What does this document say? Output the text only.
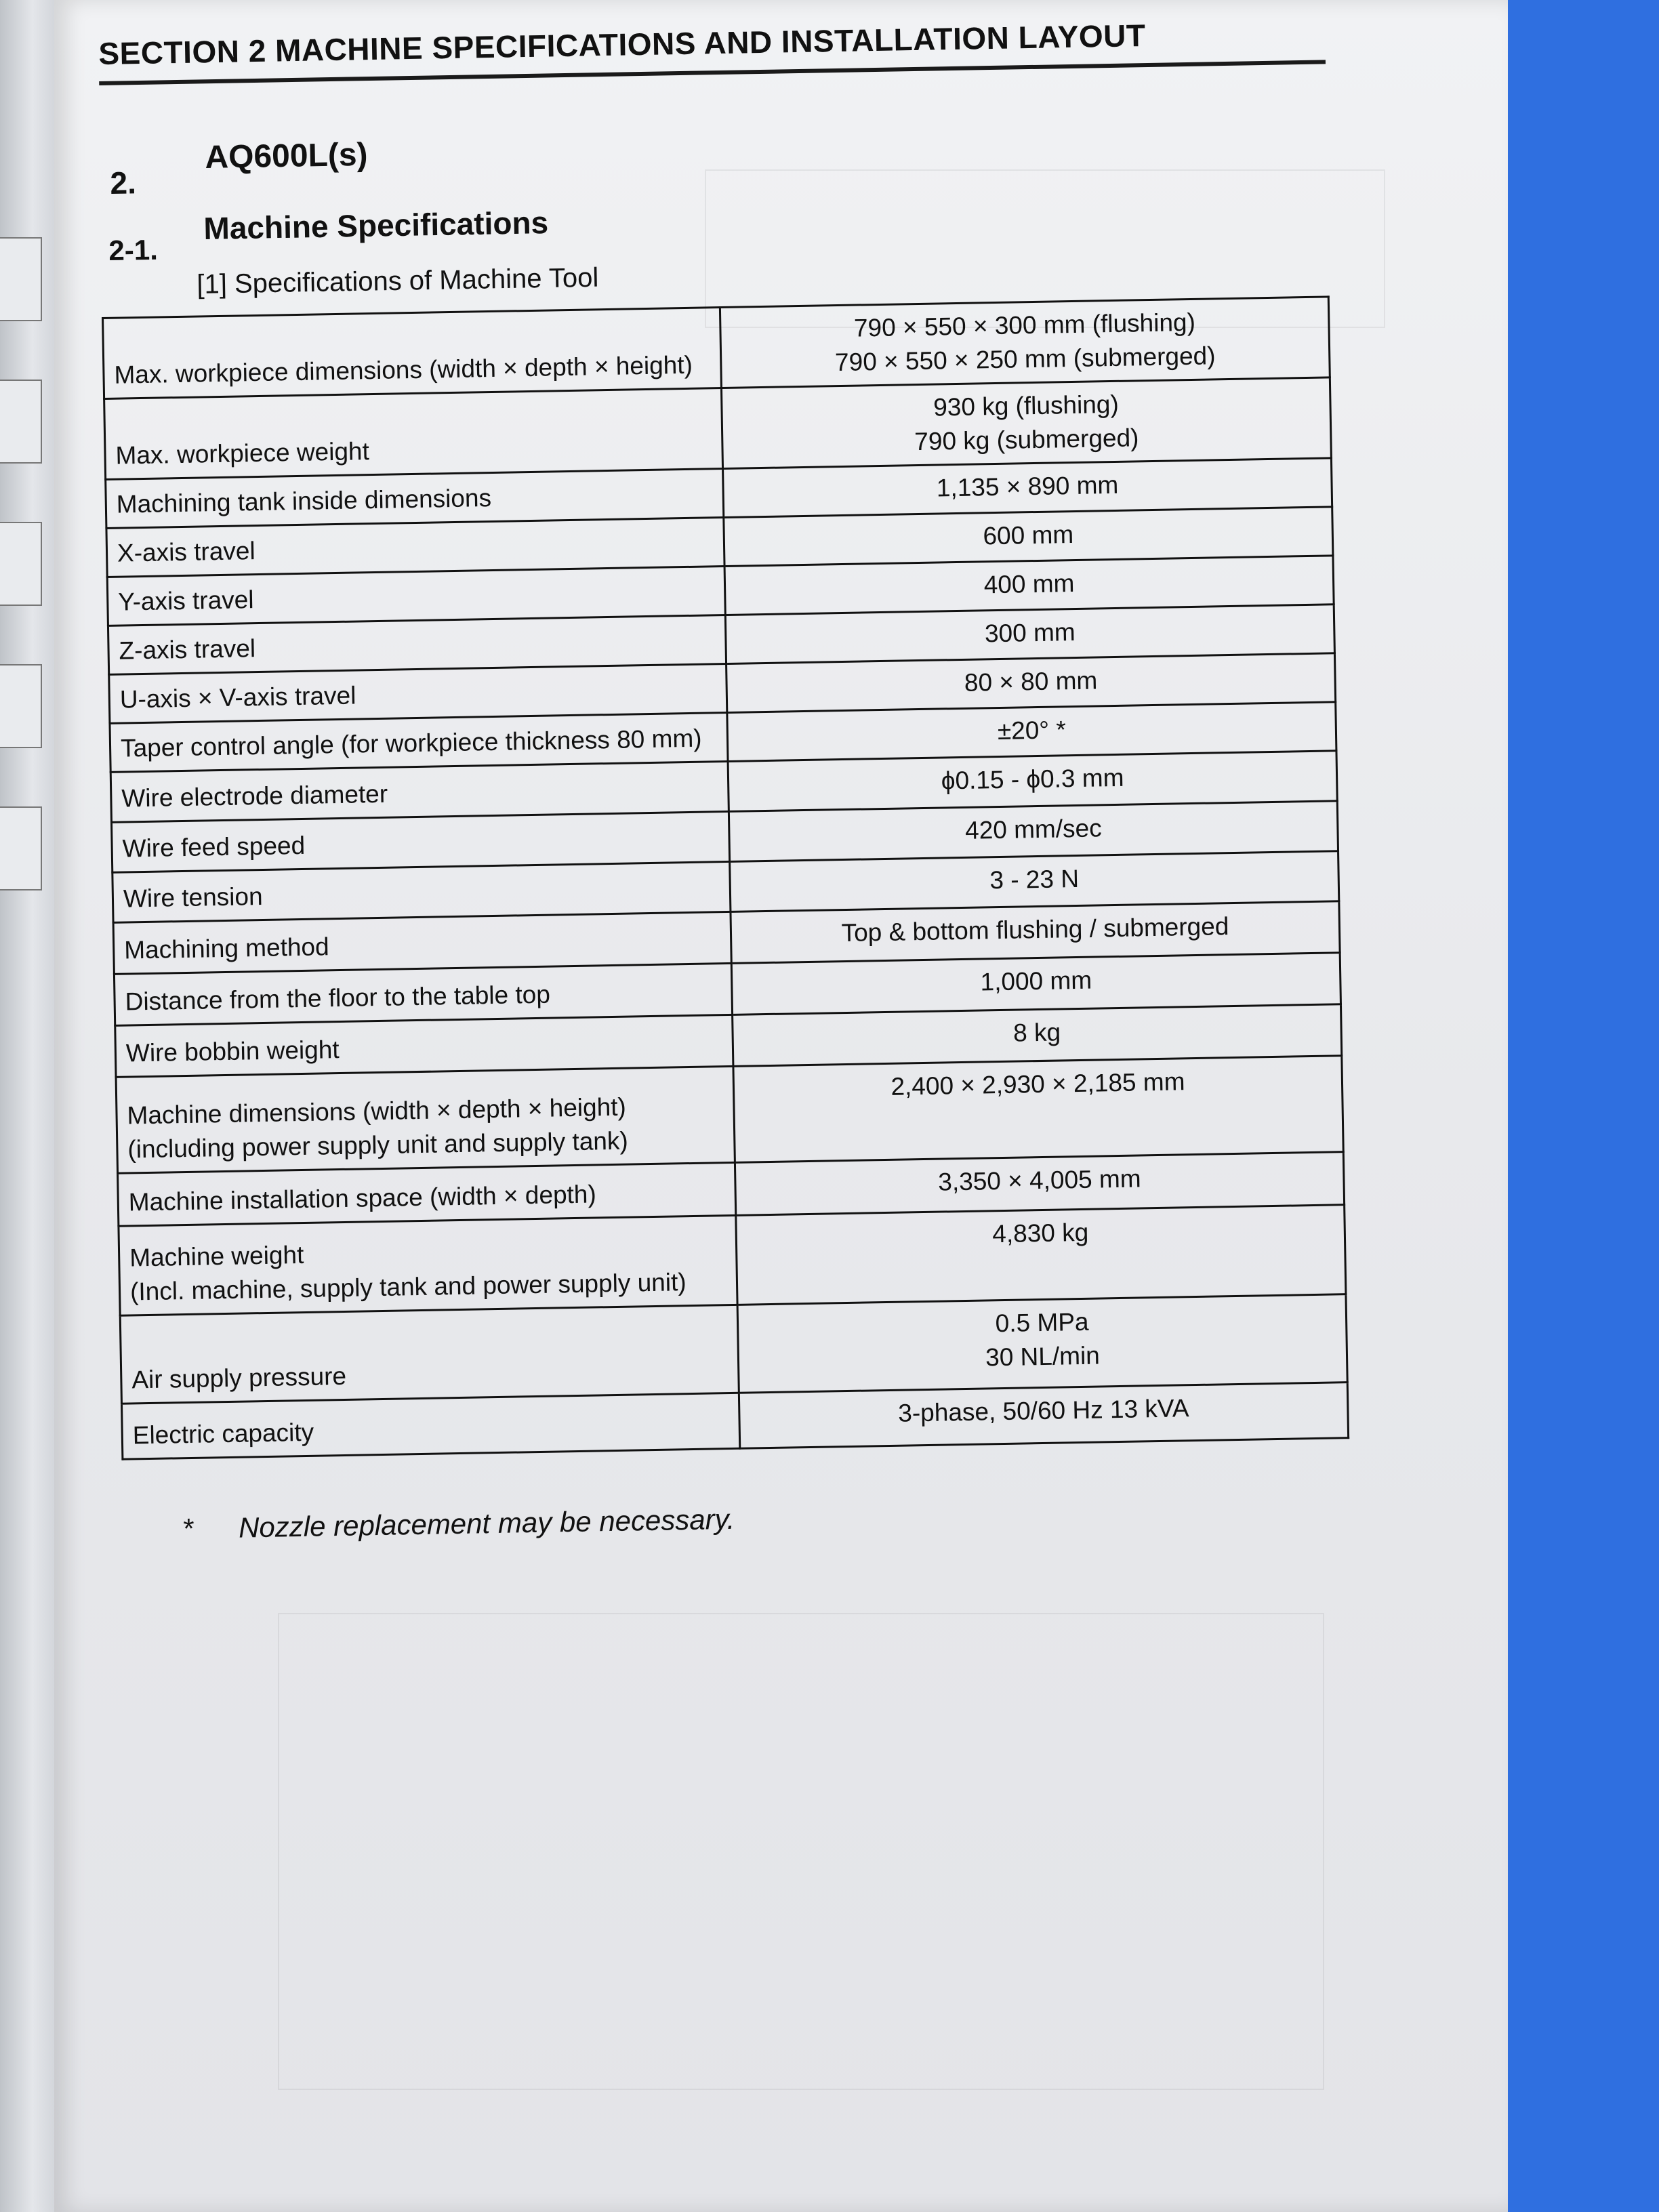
SECTION 2 MACHINE SPECIFICATIONS AND INSTALLATION LAYOUT
2.
AQ600L(s)
2-1.
Machine Specifications
[1] Specifications of Machine Tool
Max. workpiece dimensions (width × depth × height)	790 × 550 × 300 mm (flushing)
790 × 550 × 250 mm (submerged)
Max. workpiece weight	930 kg (flushing)
790 kg (submerged)
Machining tank inside dimensions	1,135 × 890 mm
X-axis travel	600 mm
Y-axis travel	400 mm
Z-axis travel	300 mm
U-axis × V-axis travel	80 × 80 mm
Taper control angle (for workpiece thickness 80 mm)	±20° *
Wire electrode diameter	ϕ0.15 - ϕ0.3 mm
Wire feed speed	420 mm/sec
Wire tension	3 - 23 N
Machining method	Top & bottom flushing / submerged
Distance from the floor to the table top	1,000 mm
Wire bobbin weight	8 kg
Machine dimensions (width × depth × height)
(including power supply unit and supply tank)	2,400 × 2,930 × 2,185 mm
Machine installation space (width × depth)	3,350 × 4,005 mm
Machine weight
(Incl. machine, supply tank and power supply unit)	4,830 kg
Air supply pressure	0.5 MPa
30 NL/min
Electric capacity	3-phase, 50/60 Hz 13 kVA
* Nozzle replacement may be necessary.
